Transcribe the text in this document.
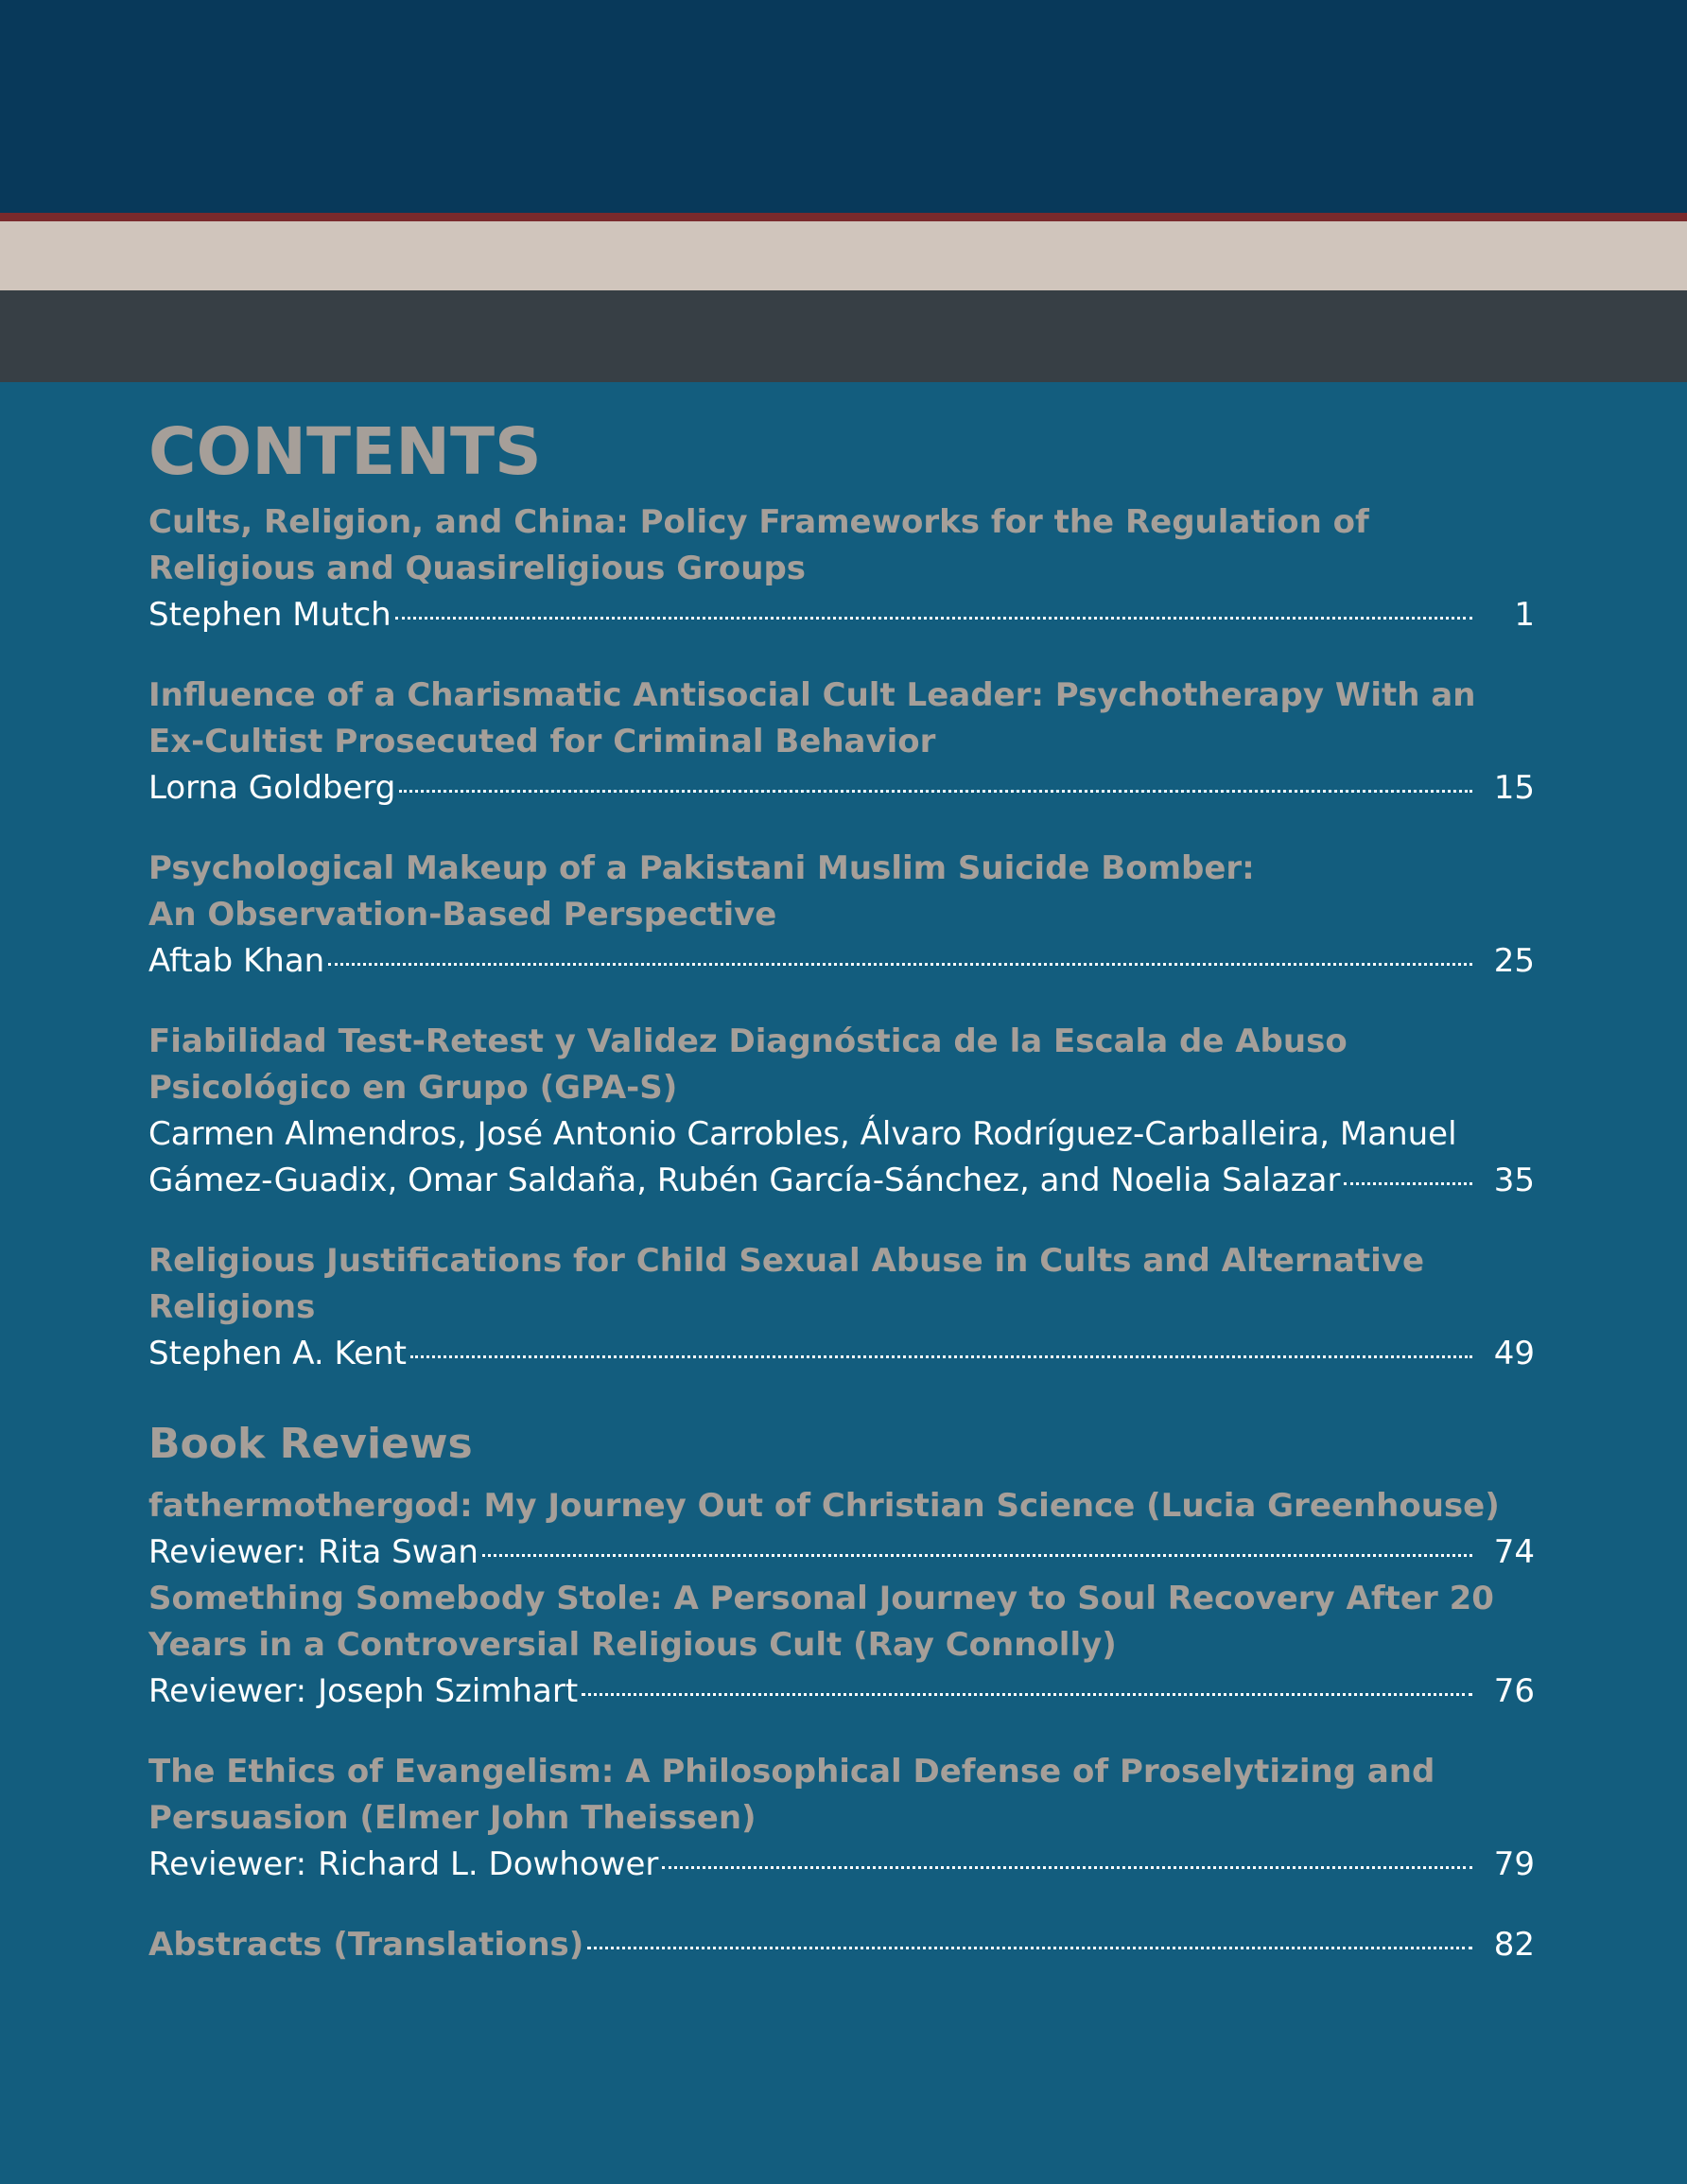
CONTENTS
Cults, Religion, and China: Policy Frameworks for the Regulation of
Religious and Quasireligious Groups
Stephen Mutch	1
Influence of a Charismatic Antisocial Cult Leader: Psychotherapy With an
Ex-Cultist Prosecuted for Criminal Behavior
Lorna Goldberg	15
Psychological Makeup of a Pakistani Muslim Suicide Bomber:
An Observation-Based Perspective
Aftab Khan	25
Fiabilidad Test-Retest y Validez Diagnóstica de la Escala de Abuso
Psicológico en Grupo (GPA-S)
Carmen Almendros, José Antonio Carrobles, Álvaro Rodríguez-Carballeira, Manuel
Gámez-Guadix, Omar Saldaña, Rubén García-Sánchez, and Noelia Salazar	35
Religious Justifications for Child Sexual Abuse in Cults and Alternative Religions
Stephen A. Kent	49
Book Reviews
fathermothergod: My Journey Out of Christian Science (Lucia Greenhouse)
Reviewer: Rita Swan	74
Something Somebody Stole: A Personal Journey to Soul Recovery After 20
Years in a Controversial Religious Cult (Ray Connolly)
Reviewer: Joseph Szimhart	76
The Ethics of Evangelism: A Philosophical Defense of Proselytizing and
Persuasion (Elmer John Theissen)
Reviewer: Richard L. Dowhower	79
Abstracts (Translations)	82
